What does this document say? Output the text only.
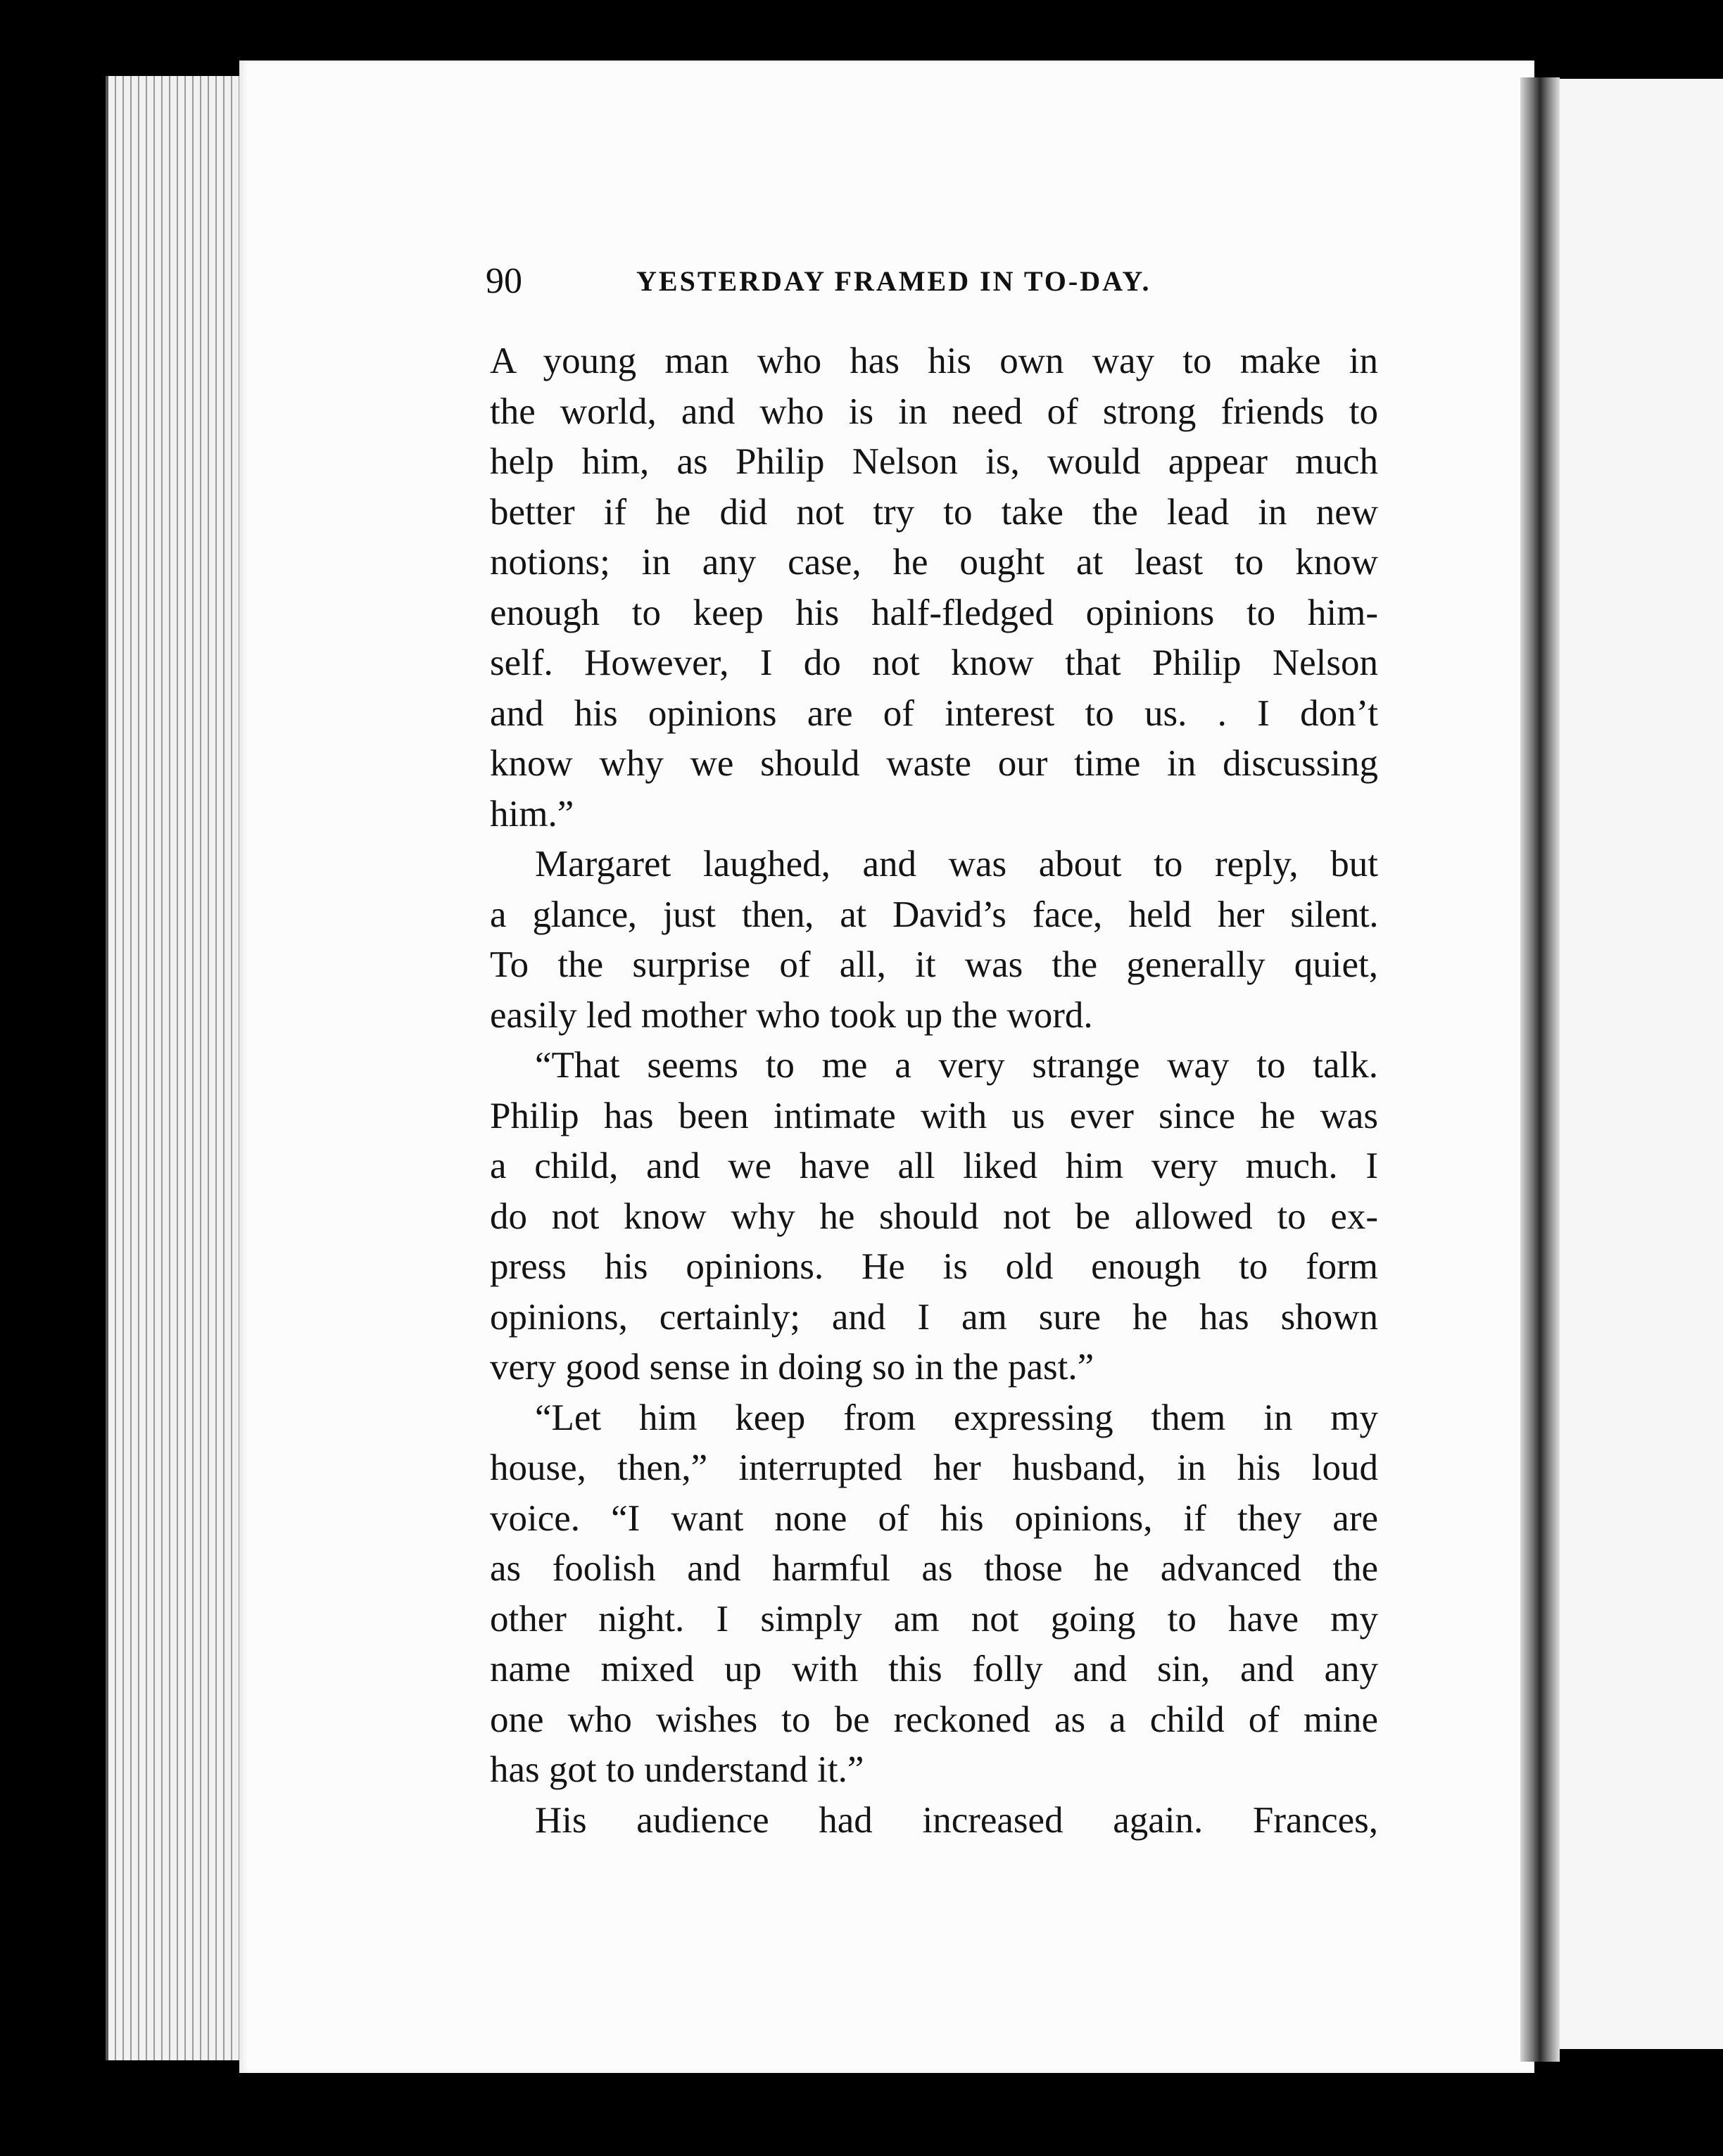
90	YESTERDAY FRAMED IN TO-DAY.
A young man who has his own way to make in
the world, and who is in need of strong friends to
help him, as Philip Nelson is, would appear much
better if he did not try to take the lead in new
notions; in any case, he ought at least to know
enough to keep his half-fledged opinions to him-
self. However, I do not know that Philip Nelson
and his opinions are of interest to us. . I don’t
know why we should waste our time in discussing
him.”
Margaret laughed, and was about to reply, but
a glance, just then, at David’s face, held her silent.
To the surprise of all, it was the generally quiet,
easily led mother who took up the word.
“That seems to me a very strange way to talk.
Philip has been intimate with us ever since he was
a child, and we have all liked him very much. I
do not know why he should not be allowed to ex-
press his opinions. He is old enough to form
opinions, certainly; and I am sure he has shown
very good sense in doing so in the past.”
“Let him keep from expressing them in my
house, then,” interrupted her husband, in his loud
voice. “I want none of his opinions, if they are
as foolish and harmful as those he advanced the
other night. I simply am not going to have my
name mixed up with this folly and sin, and any
one who wishes to be reckoned as a child of mine
has got to understand it.”
His audience had increased again. Frances,
